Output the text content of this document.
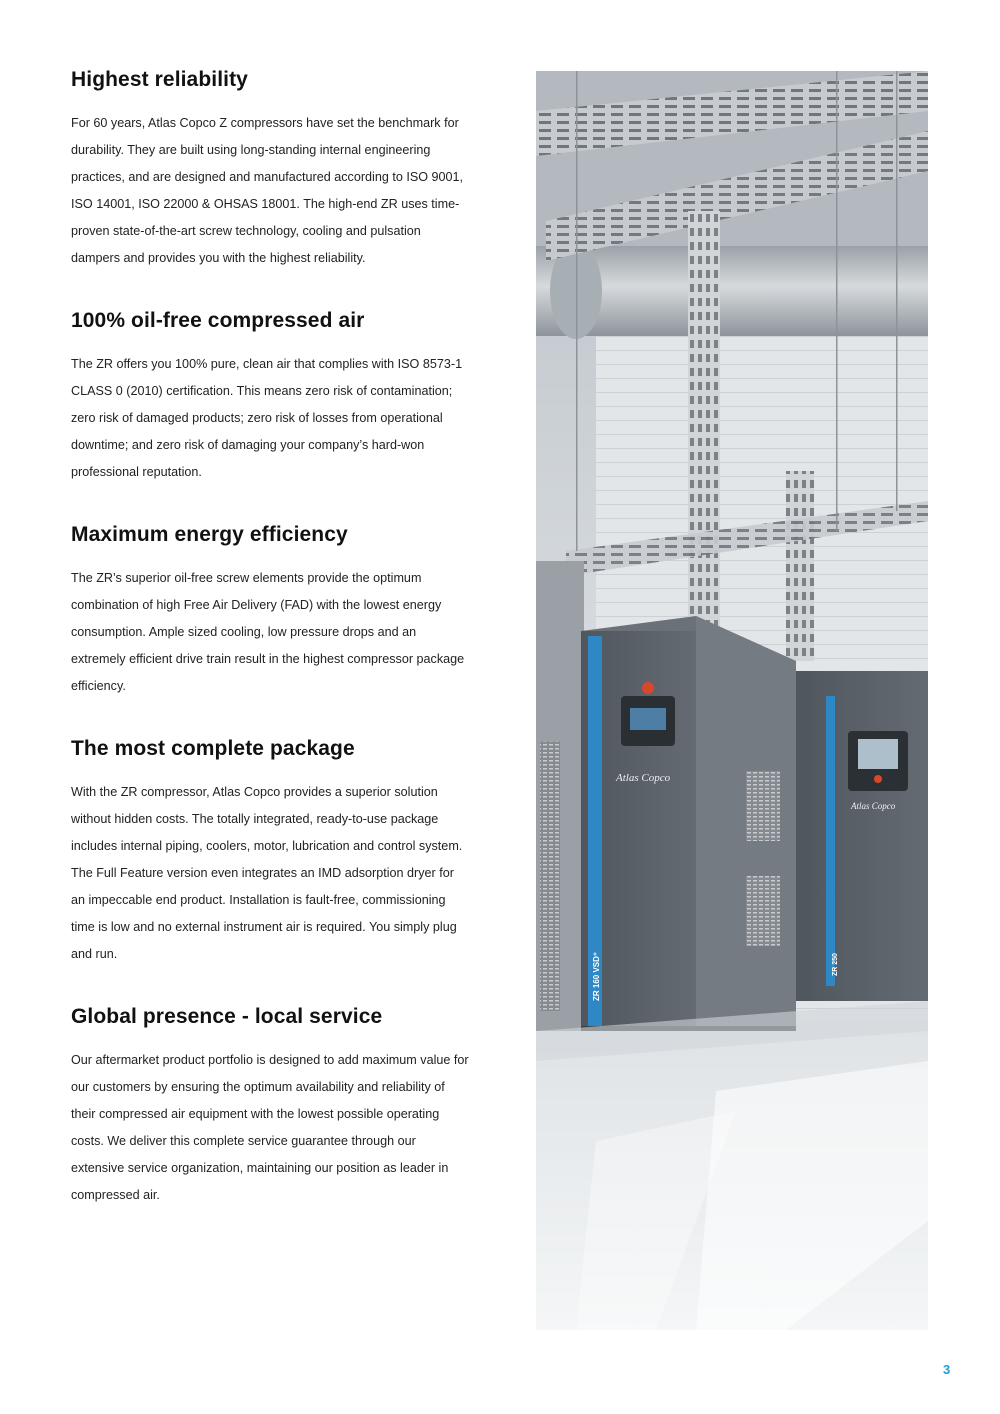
Highest reliability

For 60 years, Atlas Copco Z compressors have set the benchmark for durability. They are built using long-standing internal engineering practices, and are designed and manufactured according to ISO 9001, ISO 14001, ISO 22000 & OHSAS 18001. The high-end ZR uses time-proven state-of-the-art screw technology, cooling and pulsation dampers and provides you with the highest reliability.

100% oil-free compressed air

The ZR offers you 100% pure, clean air that complies with ISO 8573-1 CLASS 0 (2010) certification. This means zero risk of contamination; zero risk of damaged products; zero risk of losses from operational downtime; and zero risk of damaging your company’s hard-won professional reputation.

Maximum energy efficiency

The ZR’s superior oil-free screw elements provide the optimum combination of high Free Air Delivery (FAD) with the lowest energy consumption. Ample sized cooling, low pressure drops and an extremely efficient drive train result in the highest compressor package efficiency.

The most complete package

With the ZR compressor, Atlas Copco provides a superior solution without hidden costs. The totally integrated, ready-to-use package includes internal piping, coolers, motor, lubrication and control system. The Full Feature version even integrates an IMD adsorption dryer for an impeccable end product. Installation is fault-free, commissioning time is low and no external instrument air is required. You simply plug and run.

Global presence - local service

Our aftermarket product portfolio is designed to add maximum value for our customers by ensuring the optimum availability and reliability of their compressed air equipment with the lowest possible operating costs. We deliver this complete service guarantee through our extensive service organization, maintaining our position as leader in compressed air.

Atlas Copco
ZR 250
Atlas Copco
ZR 160 VSD⁺
3
